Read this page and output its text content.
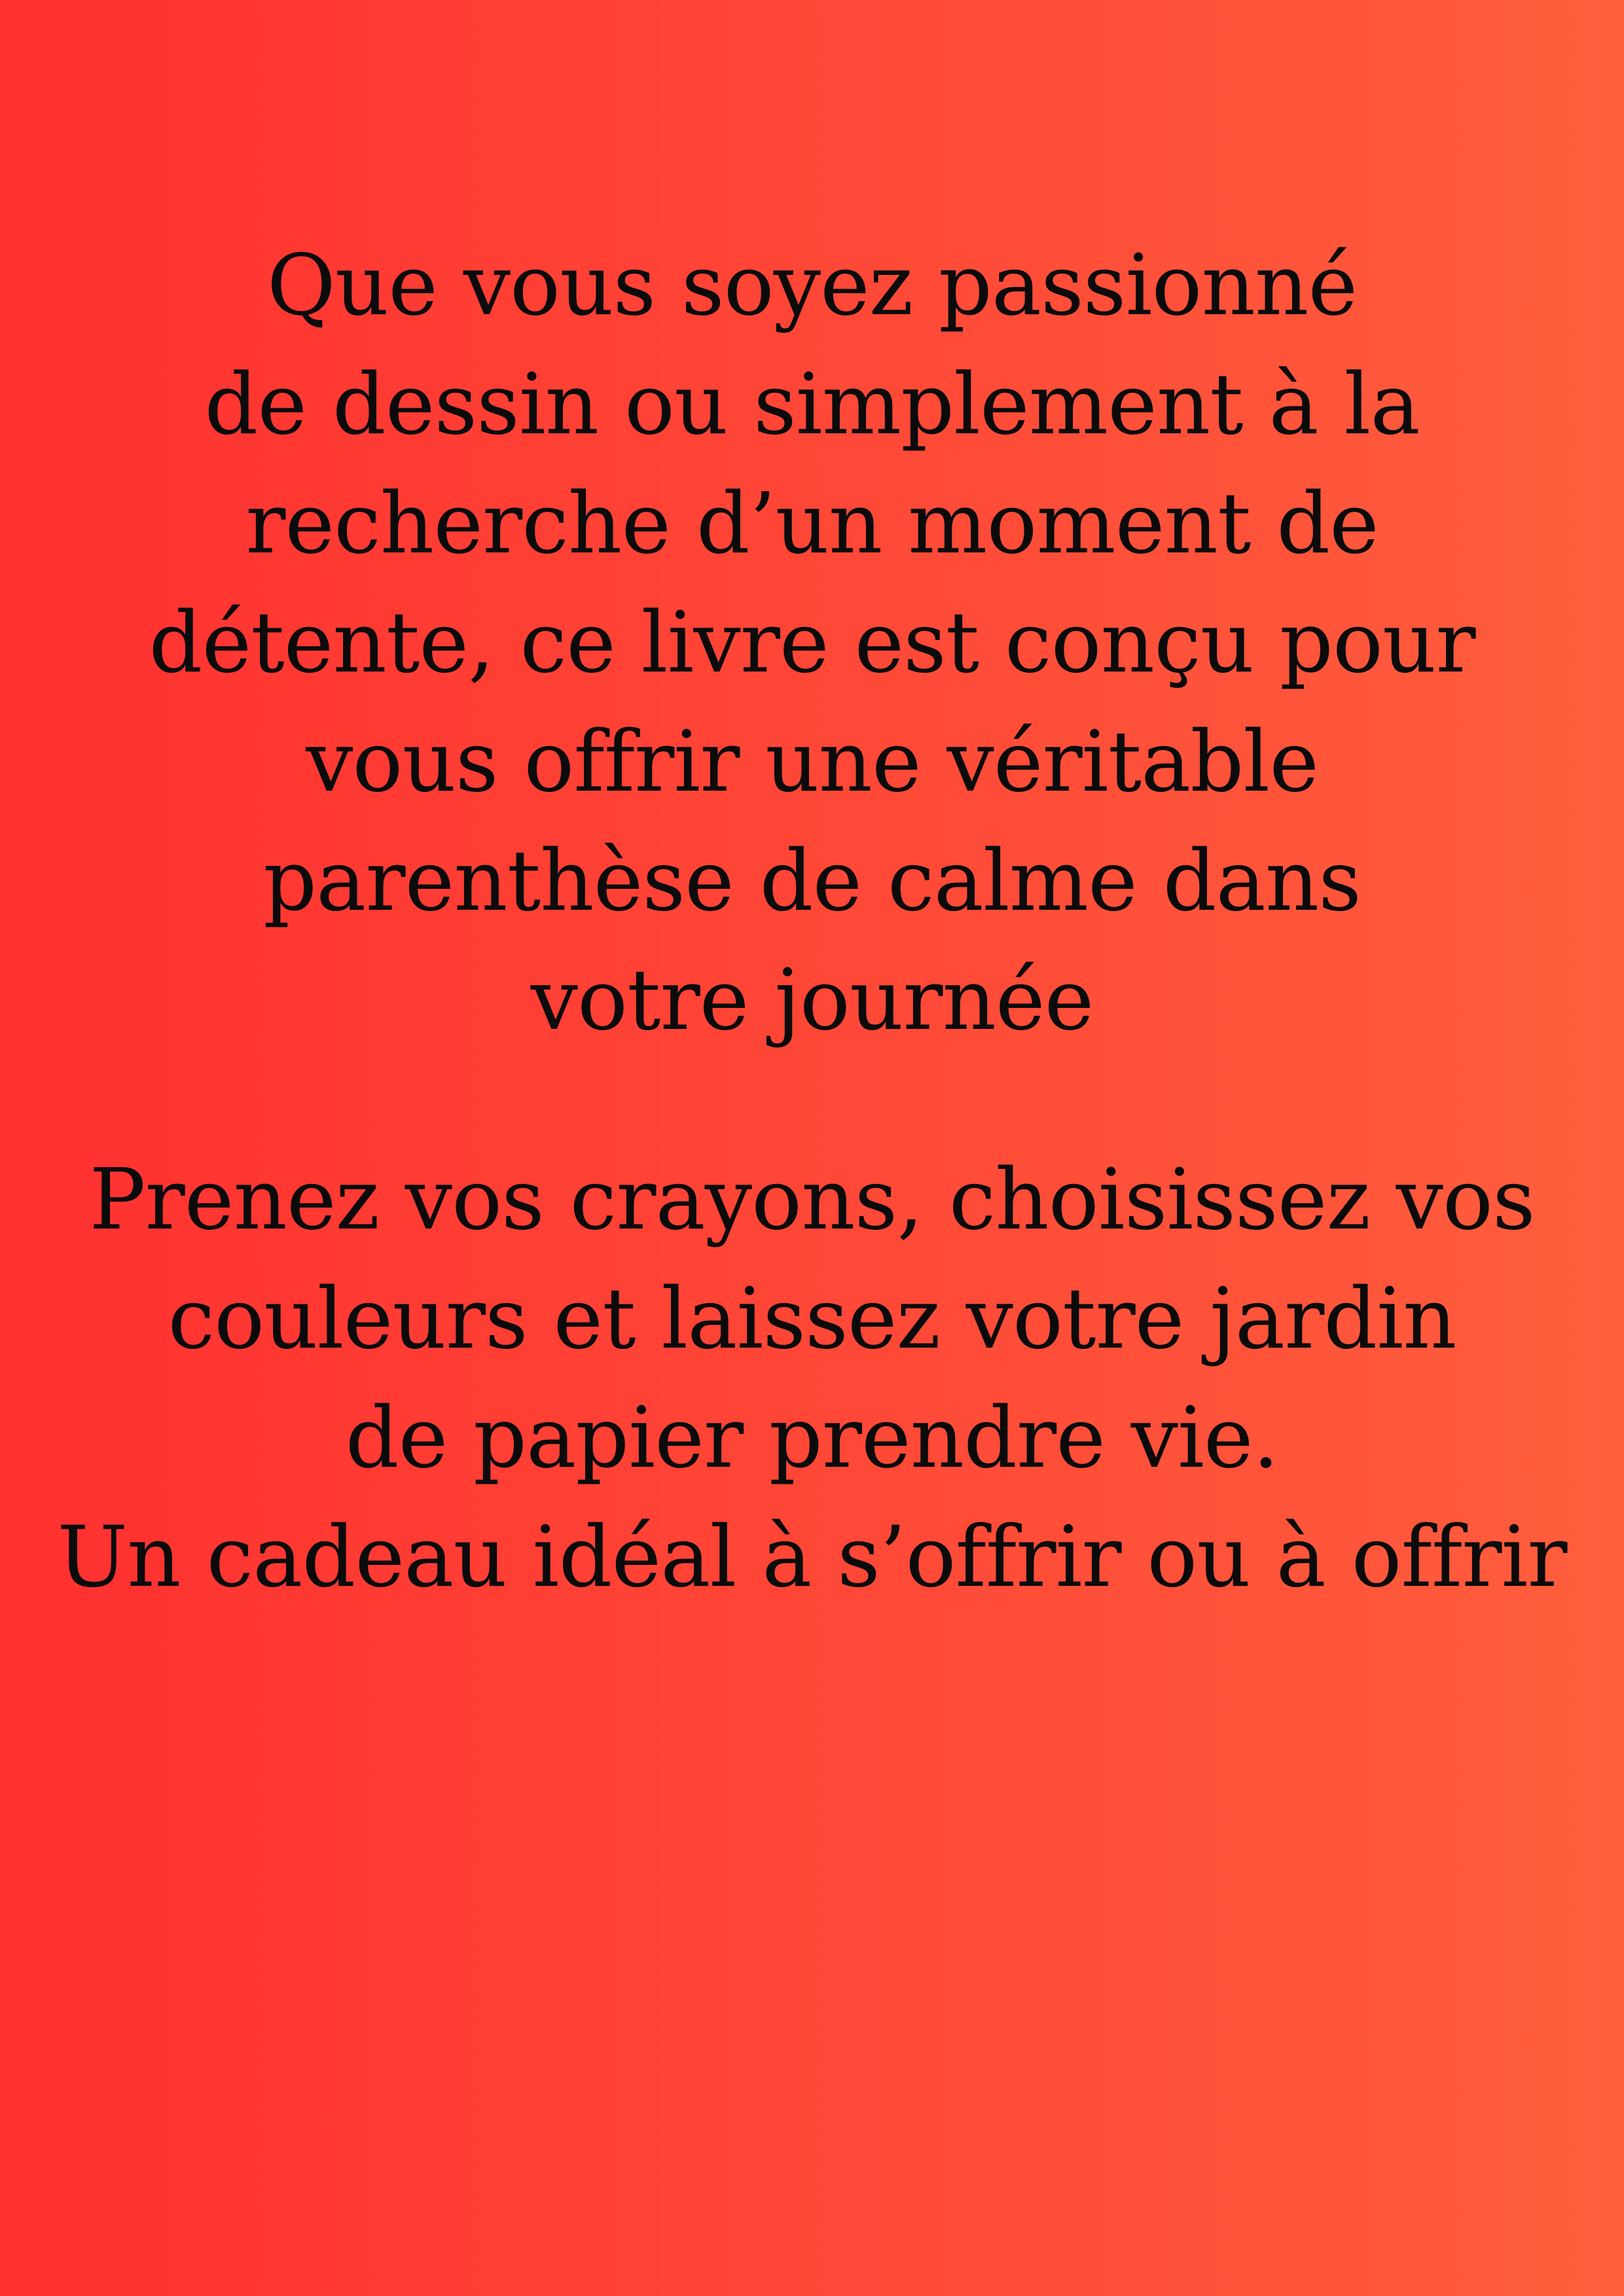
Que vous soyez passionné
de dessin ou simplement à la
recherche d’un moment de
détente, ce livre est conçu pour
vous offrir une véritable
parenthèse de calme dans
votre journée
Prenez vos crayons, choisissez vos
couleurs et laissez votre jardin
de papier prendre vie.
Un cadeau idéal à s’offrir ou à offrir
